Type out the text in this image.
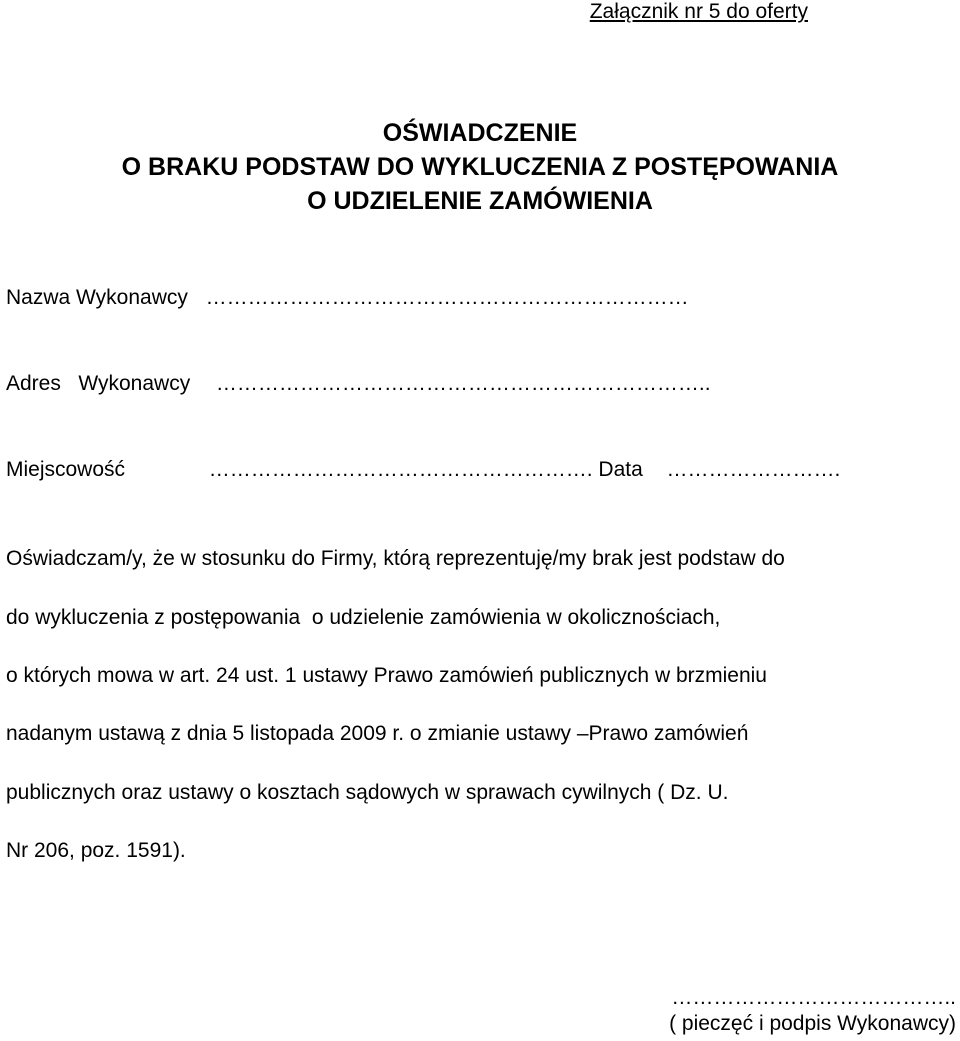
Załącznik nr 5 do oferty
OŚWIADCZENIE
O BRAKU PODSTAW DO WYKLUCZENIA Z POSTĘPOWANIA
O UDZIELENIE ZAMÓWIENIA
Nazwa Wykonawcy ……………………………………………………………
Adres   Wykonawcy ……………………………………………………………..
Miejscowość	………………………………………………. Data …………………….
Oświadczam/y, że w stosunku do Firmy, którą reprezentuję/my brak jest podstaw do
do wykluczenia z postępowania  o udzielenie zamówienia w okolicznościach,
o których mowa w art. 24 ust. 1 ustawy Prawo zamówień publicznych w brzmieniu
nadanym ustawą z dnia 5 listopada 2009 r. o zmianie ustawy –Prawo zamówień
publicznych oraz ustawy o kosztach sądowych w sprawach cywilnych ( Dz. U.
Nr 206, poz. 1591).
…………………………………..
( pieczęć i podpis Wykonawcy)
